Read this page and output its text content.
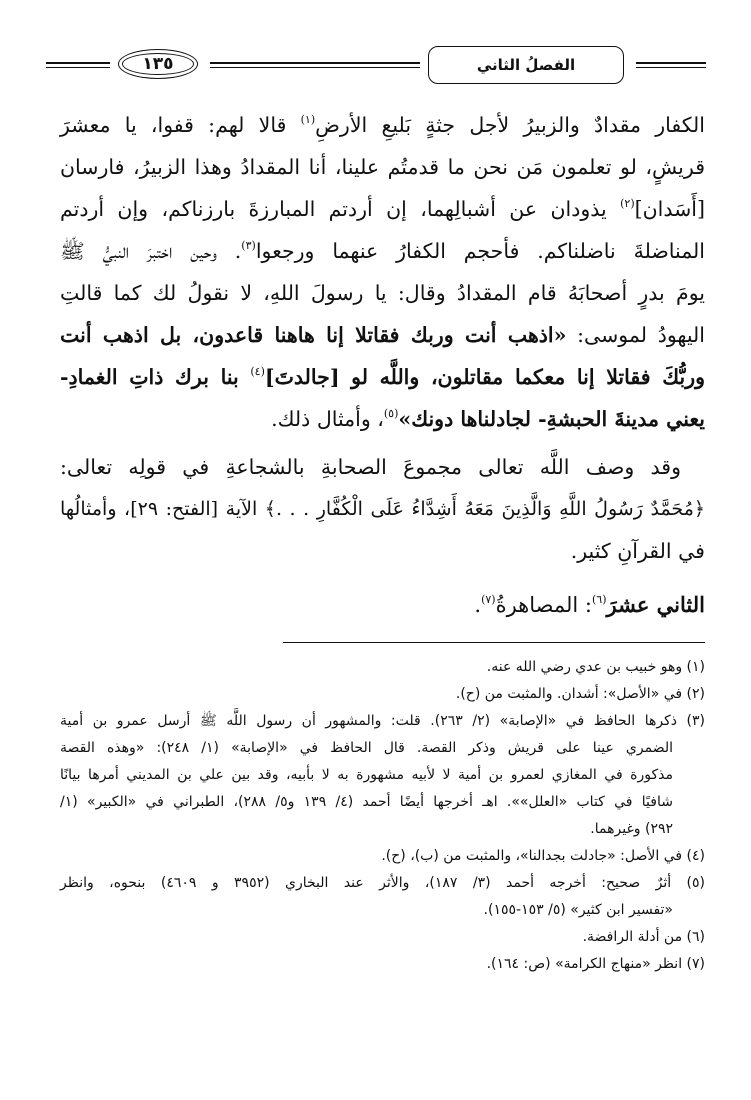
الفصلُ الثاني
١٣٥
الكفار مقدادٌ والزبيرُ لأجل جثةٍ بَليعِ الأرضِ$^{(١)}$ قالا لهم: قفوا، يا معشرَ
قريشٍ، لو تعلمون مَن نحن ما قدمتُم علينا، أنا المقدادُ وهذا الزبيرُ، فارسان
[أَسَدان]$^{(٢)}$ يذودان عن أشبالِهما، إن أردتم المبارزةَ بارزناكم، وإن أردتم
المناضلةَ ناضلناكم. فأحجم الكفارُ عنهما ورجعوا$^{(٣)}$. وحين اختبرَ النبيُّ ﷺ
يومَ بدرٍ أصحابَهُ قام المقدادُ وقال: يا رسولَ اللهِ، لا نقولُ لك كما قالتِ
اليهودُ لموسى: «اذهب أنت وربك فقاتلا إنا هاهنا قاعدون، بل اذهب أنت
وربُّكَ فقاتلا إنا معكما مقاتلون، واللَّه لو [جالدتَ]$^{(٤)}$ بنا برك ذاتِ الغمادِ-
يعني مدينةَ الحبشةِ- لجادلناها دونك»$^{(٥)}$، وأمثال ذلك.
وقد وصف اللَّه تعالى مجموعَ الصحابةِ بالشجاعةِ في قولِه تعالى:
﴿مُحَمَّدٌ رَسُولُ اللَّهِ وَالَّذِينَ مَعَهُ أَشِدَّاءُ عَلَى الْكُفَّارِ . . .﴾ الآية [الفتح: ٢٩]، وأمثالُها
في القرآنِ كثير.
الثاني عشرَ$^{(٦)}$: المصاهرةُ$^{(٧)}$.

(١) وهو خبيب بن عدي رضي الله عنه.

(٢) في «الأصل»: أشدان. والمثبت من (ح).

(٣) ذكرها الحافظ في «الإصابة» (٢/ ٢٦٣). قلت: والمشهور أن رسول اللَّه ﷺ أرسل عمرو بن أمية
الضمري عينا على قريش وذكر القصة. قال الحافظ في «الإصابة» (١/ ٢٤٨): «وهذه القصة
مذكورة في المغازي لعمرو بن أمية لا لأبيه مشهورة به لا بأبيه، وقد بين علي بن المديني أمرها بيانًا
شافيًا في كتاب «العلل»». اهـ أخرجها أيضًا أحمد (٤/ ١٣٩ و٥/ ٢٨٨)، الطبراني في «الكبير» (١/
٢٩٢) وغيرهما.

(٤) في الأصل: «جادلت بجدالنا»، والمثبت من (ب)، (ح).

(٥) أثرٌ صحيح: أخرجه أحمد (٣/ ١٨٧)، والأثر عند البخاري (٣٩٥٢ و ٤٦٠٩) بنحوه، وانظر
«تفسير ابن كثير» (٥/ ١٥٣-١٥٥).

(٦) من أدلة الرافضة.

(٧) انظر «منهاج الكرامة» (ص: ١٦٤).
